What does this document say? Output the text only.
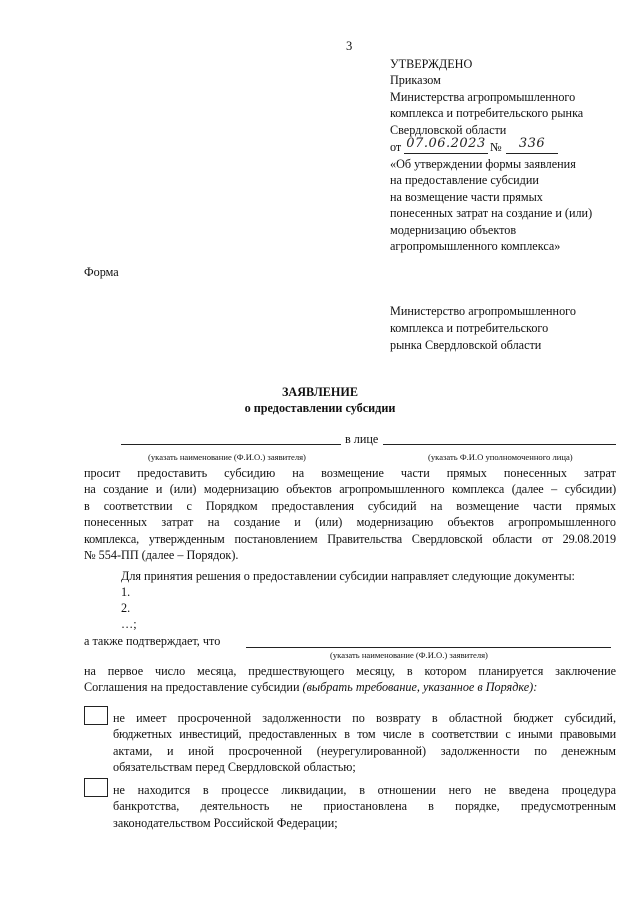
3
УТВЕРЖДЕНО
Приказом
Министерства агропромышленного
комплекса и потребительского рынка
Свердловской области
от 07.06.2023 №	336
«Об утверждении формы заявления
на предоставление субсидии
на возмещение части прямых
понесенных затрат на создание и (или)
модернизацию объектов
агропромышленного комплекса»
Форма
Министерство агропромышленного
комплекса и потребительского
рынка Свердловской области
ЗАЯВЛЕНИЕ
о предоставлении субсидии
в лице
(указать наименование (Ф.И.О.) заявителя)	(указать Ф.И.О уполномоченного лица)
просит предоставить субсидию на возмещение части прямых понесенных затрат
на создание и (или) модернизацию объектов агропромышленного комплекса (далее – субсидии)
в соответствии с Порядком предоставления субсидий на возмещение части прямых
понесенных затрат на создание и (или) модернизацию объектов агропромышленного
комплекса, утвержденным постановлением Правительства Свердловской области от 29.08.2019
№ 554-ПП (далее – Порядок).
Для принятия решения о предоставлении субсидии направляет следующие документы:
1.
2.
…;
а также подтверждает, что
(указать наименование (Ф.И.О.) заявителя)
на первое число месяца, предшествующего месяцу, в котором планируется заключение
Соглашения на предоставление субсидии (выбрать требование, указанное в Порядке):
не имеет просроченной задолженности по возврату в областной бюджет субсидий,
бюджетных инвестиций, предоставленных в том числе в соответствии с иными правовыми
актами, и иной просроченной (неурегулированной) задолженности по денежным
обязательствам перед Свердловской областью;
не находится в процессе ликвидации, в отношении него не введена процедура
банкротства, деятельность не приостановлена в порядке, предусмотренным
законодательством Российской Федерации;
